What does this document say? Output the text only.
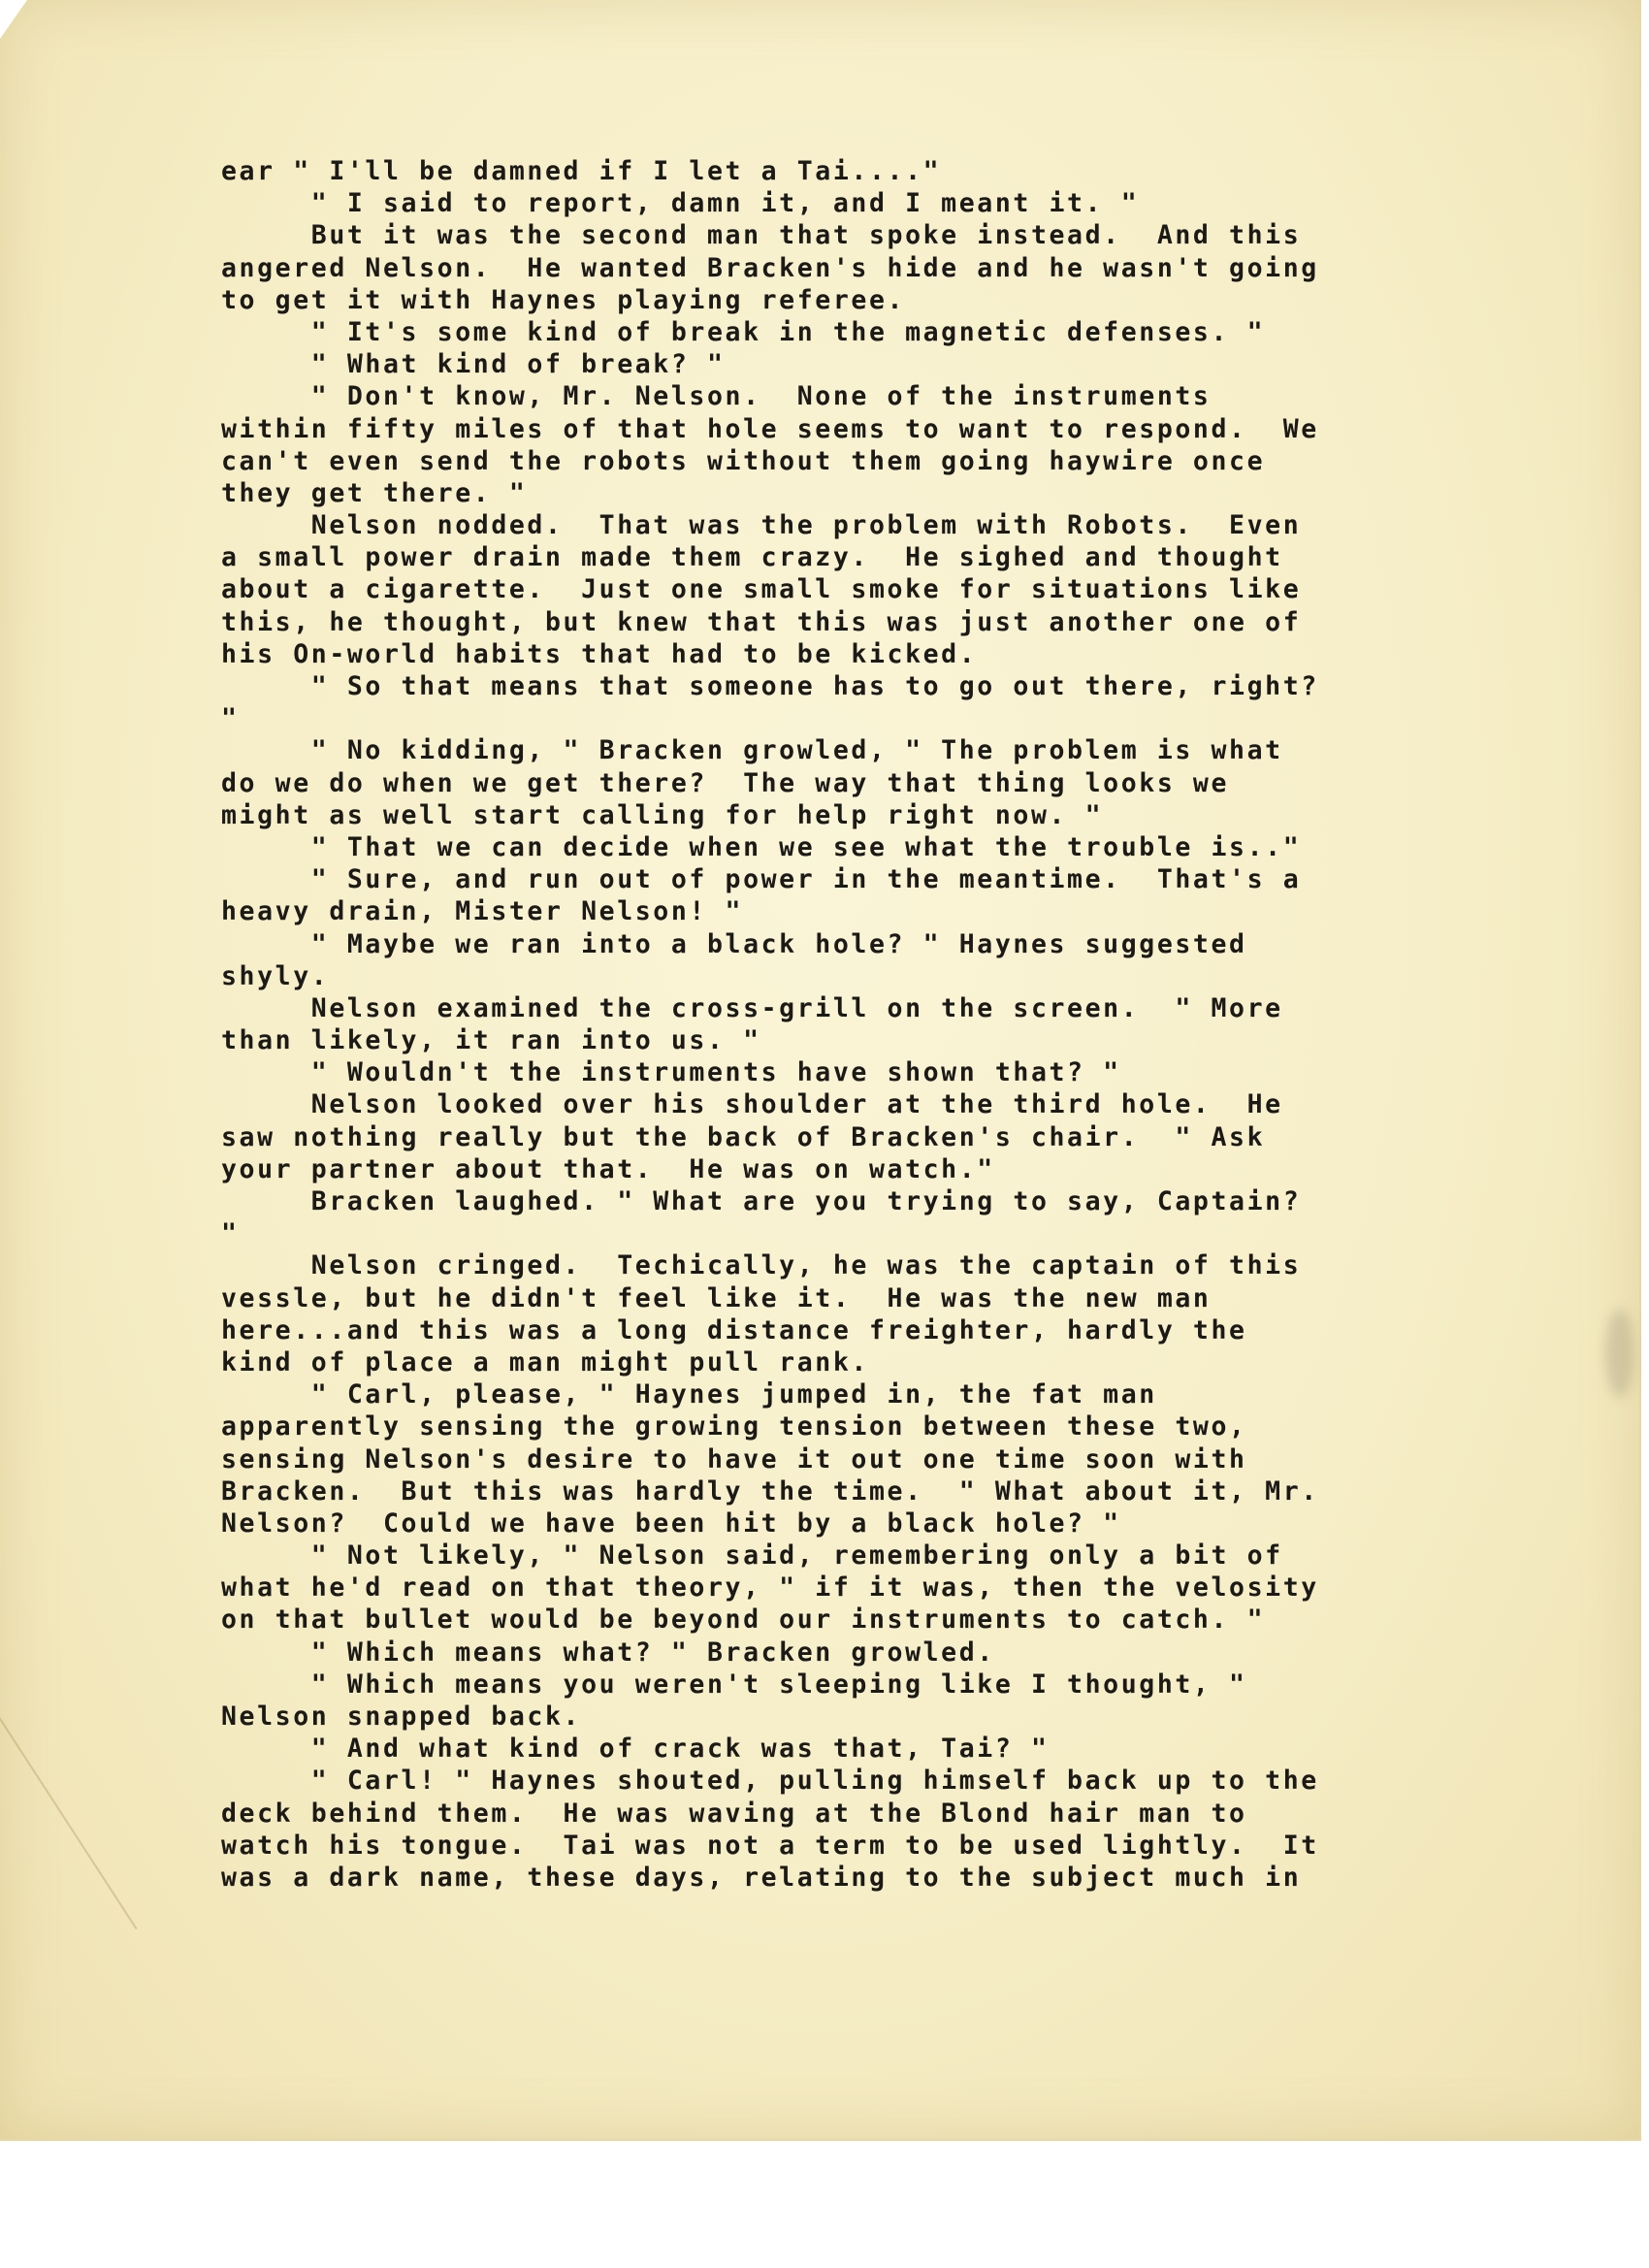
ear " I'll be damned if I let a Tai...."
" I said to report, damn it, and I meant it. "
But it was the second man that spoke instead.  And this
angered Nelson.  He wanted Bracken's hide and he wasn't going
to get it with Haynes playing referee.
" It's some kind of break in the magnetic defenses. "
" What kind of break? "
" Don't know, Mr. Nelson.  None of the instruments
within fifty miles of that hole seems to want to respond.  We
can't even send the robots without them going haywire once
they get there. "
Nelson nodded.  That was the problem with Robots.  Even
a small power drain made them crazy.  He sighed and thought
about a cigarette.  Just one small smoke for situations like
this, he thought, but knew that this was just another one of
his On-world habits that had to be kicked.
" So that means that someone has to go out there, right?
"
" No kidding, " Bracken growled, " The problem is what
do we do when we get there?  The way that thing looks we
might as well start calling for help right now. "
" That we can decide when we see what the trouble is.."
" Sure, and run out of power in the meantime.  That's a
heavy drain, Mister Nelson! "
" Maybe we ran into a black hole? " Haynes suggested
shyly.
Nelson examined the cross-grill on the screen.  " More
than likely, it ran into us. "
" Wouldn't the instruments have shown that? "
Nelson looked over his shoulder at the third hole.  He
saw nothing really but the back of Bracken's chair.  " Ask
your partner about that.  He was on watch."
Bracken laughed. " What are you trying to say, Captain?
"
Nelson cringed.  Techically, he was the captain of this
vessle, but he didn't feel like it.  He was the new man
here...and this was a long distance freighter, hardly the
kind of place a man might pull rank.
" Carl, please, " Haynes jumped in, the fat man
apparently sensing the growing tension between these two,
sensing Nelson's desire to have it out one time soon with
Bracken.  But this was hardly the time.  " What about it, Mr.
Nelson?  Could we have been hit by a black hole? "
" Not likely, " Nelson said, remembering only a bit of
what he'd read on that theory, " if it was, then the velosity
on that bullet would be beyond our instruments to catch. "
" Which means what? " Bracken growled.
" Which means you weren't sleeping like I thought, "
Nelson snapped back.
" And what kind of crack was that, Tai? "
" Carl! " Haynes shouted, pulling himself back up to the
deck behind them.  He was waving at the Blond hair man to
watch his tongue.  Tai was not a term to be used lightly.  It
was a dark name, these days, relating to the subject much in
